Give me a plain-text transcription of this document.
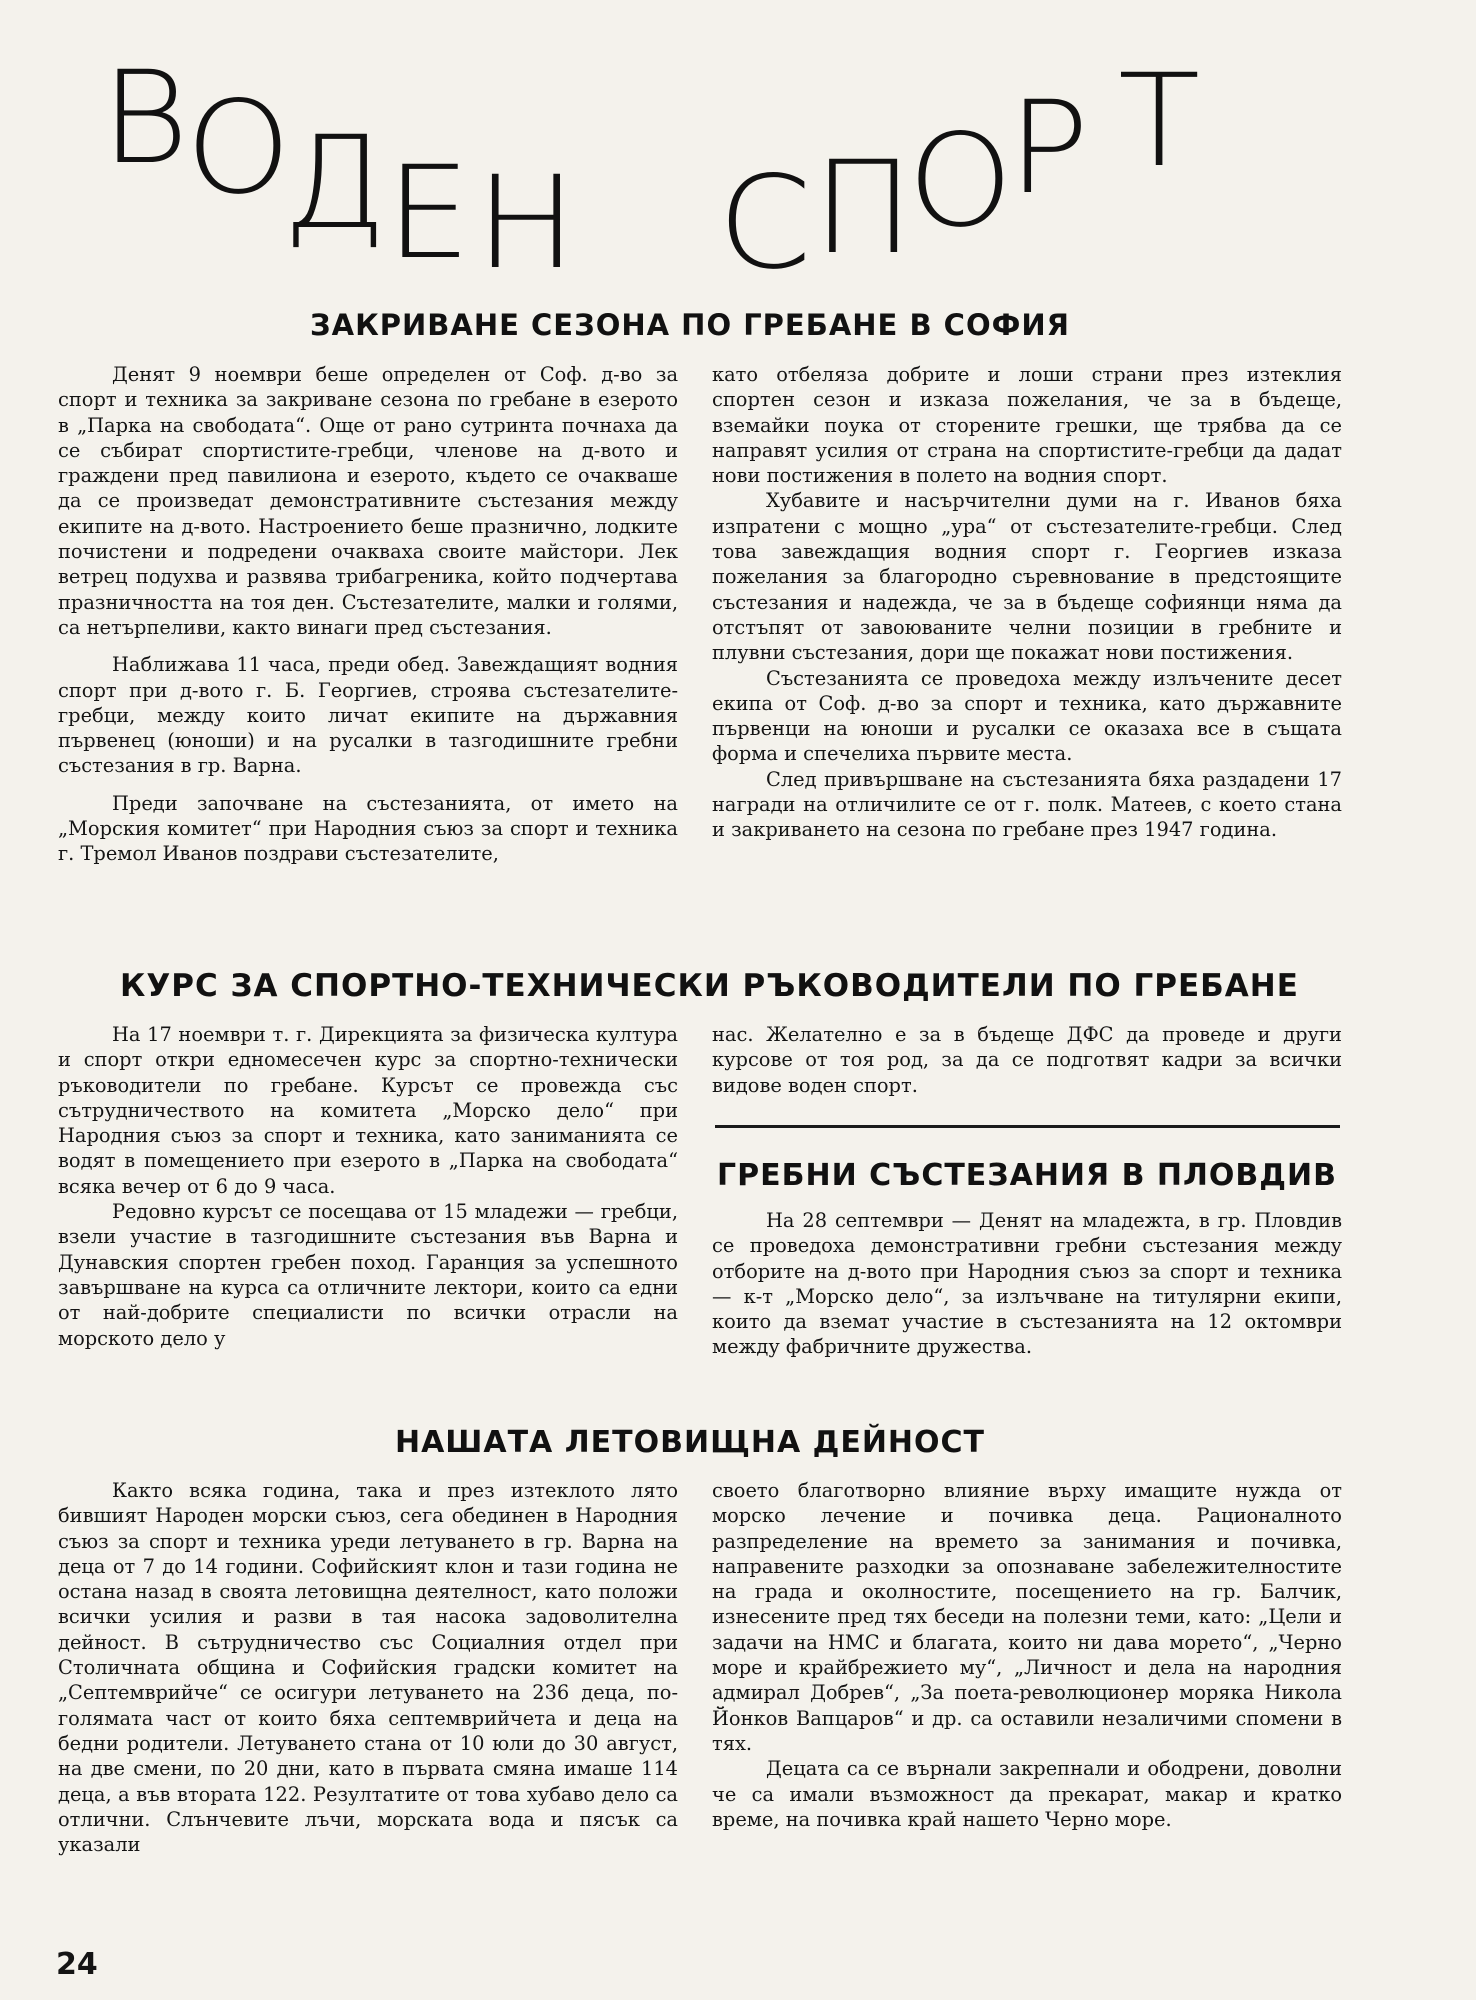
В
О
Д Е Н С П
О
Р Т
ЗАКРИВАНЕ СЕЗОНА ПО ГРЕБАНЕ В СОФИЯ

Денят 9 ноември беше определен от Соф. д-во за спорт и техника за закриване сезона по гребане в езерото в „Парка на свободата“. Още от рано сутринта почнаха да се събират спортистите-гребци, членове на д-вото и граждени пред павилиона и езерото, където се очакваше да се произведат демонстративните състезания между екипите на д-вото. Настроението беше празнично, лодките почистени и подредени очакваха своите майстори. Лек ветрец подухва и развява трибагреника, който подчертава празничността на тоя ден. Състезателите, малки и голями, са нетърпеливи, както винаги пред състезания.

Наближава 11 часа, преди обед. Завеждащият водния спорт при д-вото г. Б. Георгиев, строява състезателите-гребци, между които личат екипите на държавния първенец (юноши) и на русалки в тазгодишните гребни състезания в гр. Варна.

Преди започване на състезанията, от името на „Морския комитет“ при Народния съюз за спорт и техника г. Тремол Иванов поздрави състезателите,

като отбеляза добрите и лоши страни през изтеклия спортен сезон и изказа пожелания, че за в бъдеще, вземайки поука от сторените грешки, ще трябва да се направят усилия от страна на спортистите-гребци да дадат нови постижения в полето на водния спорт.

Хубавите и насърчителни думи на г. Иванов бяха изпратени с мощно „ура“ от състезателите-гребци. След това завеждащия водния спорт г. Георгиев изказа пожелания за благородно съревнование в предстоящите състезания и надежда, че за в бъдеще софиянци няма да отстъпят от завоюваните челни позиции в гребните и плувни състезания, дори ще покажат нови постижения.

Състезанията се проведоха между излъчените десет екипа от Соф. д-во за спорт и техника, като държавните първенци на юноши и русалки се оказаха все в същата форма и спечелиха първите места.

След привършване на състезанията бяха раздадени 17 награди на отличилите се от г. полк. Матеев, с което стана и закриването на сезона по гребане през 1947 година.

КУРС ЗА СПОРТНО-ТЕХНИЧЕСКИ РЪКОВОДИТЕЛИ ПО ГРЕБАНЕ

На 17 ноември т. г. Дирекцията за физическа култура и спорт откри едномесечен курс за спортно-технически ръководители по гребане. Курсът се провежда със сътрудничеството на комитета „Морско дело“ при Народния съюз за спорт и техника, като заниманията се водят в помещението при езерото в „Парка на свободата“ всяка вечер от 6 до 9 часа.

Редовно курсът се посещава от 15 младежи — гребци, взели участие в тазгодишните състезания във Варна и Дунавския спортен гребен поход. Гаранция за успешното завършване на курса са отличните лектори, които са едни от най-добрите специалисти по всички отрасли на морското дело у

нас. Желателно е за в бъдеще ДФС да проведе и други курсове от тоя род, за да се подготвят кадри за всички видове воден спорт.

ГРЕБНИ СЪСТЕЗАНИЯ В ПЛОВДИВ

На 28 септември — Денят на младежта, в гр. Пловдив се проведоха демонстративни гребни състезания между отборите на д-вото при Народния съюз за спорт и техника — к-т „Морско дело“, за излъчване на титулярни екипи, които да вземат участие в състезанията на 12 октомври между фабричните дружества.

НАШАТА ЛЕТОВИЩНА ДЕЙНОСТ

Както всяка година, така и през изтеклото лято бившият Народен морски съюз, сега обединен в Народния съюз за спорт и техника уреди летуването в гр. Варна на деца от 7 до 14 години. Софийският клон и тази година не остана назад в своята летовищна деятелност, като положи всички усилия и разви в тая насока задоволителна дейност. В сътрудничество със Социалния отдел при Столичната община и Софийския градски комитет на „Септемврийче“ се осигури летуването на 236 деца, по-голямата част от които бяха септемврийчета и деца на бедни родители. Летуването стана от 10 юли до 30 август, на две смени, по 20 дни, като в първата смяна имаше 114 деца, а във втората 122. Резултатите от това хубаво дело са отлични. Слънчевите лъчи, морската вода и пясък са указали

своето благотворно влияние върху имащите нужда от морско лечение и почивка деца. Рационалното разпределение на времето за занимания и почивка, направените разходки за опознаване забележителностите на града и околностите, посещението на гр. Балчик, изнесените пред тях беседи на полезни теми, като: „Цели и задачи на НМС и благата, които ни дава морето“, „Черно море и крайбрежието му“, „Личност и дела на народния адмирал Добрев“, „За поета-революционер моряка Никола Йонков Вапцаров“ и др. са оставили незаличими спомени в тях.

Децата са се върнали закрепнали и ободрени, доволни че са имали възможност да прекарат, макар и кратко време, на почивка край нашето Черно море.

24
